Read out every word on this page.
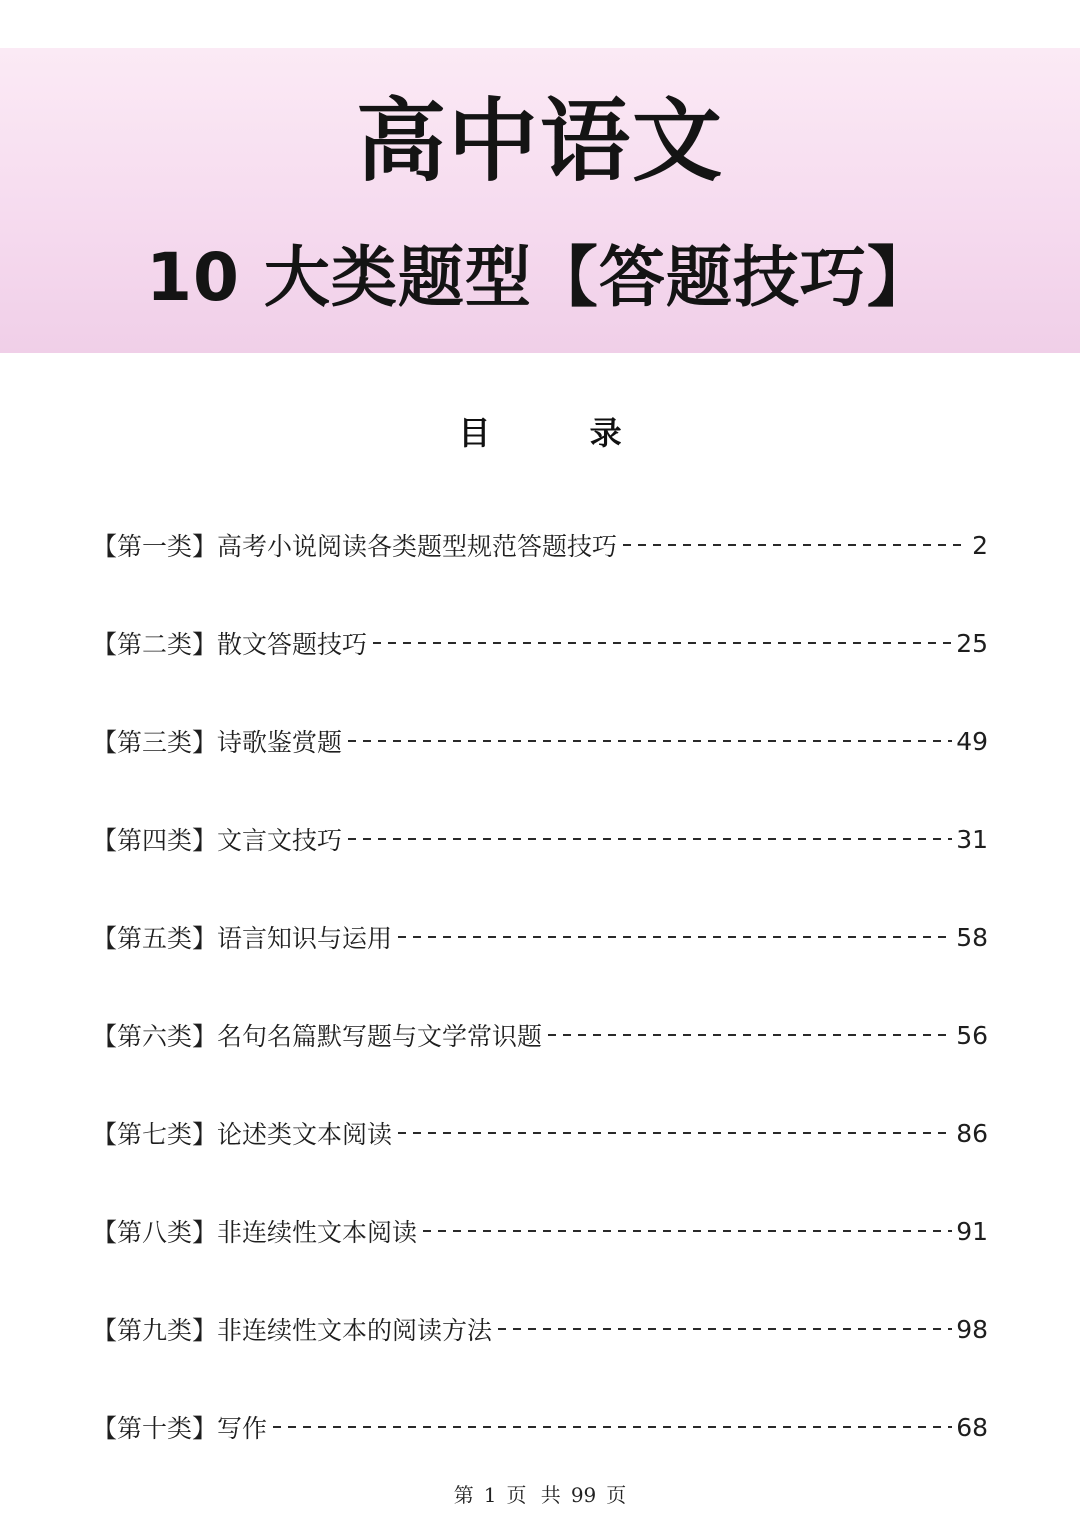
高中语文
10 大类题型【答题技巧】
目 录
【第一类】高考小说阅读各类题型规范答题技巧	2
【第二类】散文答题技巧	25
【第三类】诗歌鉴赏题	49
【第四类】文言文技巧	31
【第五类】语言知识与运用	58
【第六类】名句名篇默写题与文学常识题	56
【第七类】论述类文本阅读	86
【第八类】非连续性文本阅读	91
【第九类】非连续性文本的阅读方法	98
【第十类】写作	68
第 1 页 共 99 页
